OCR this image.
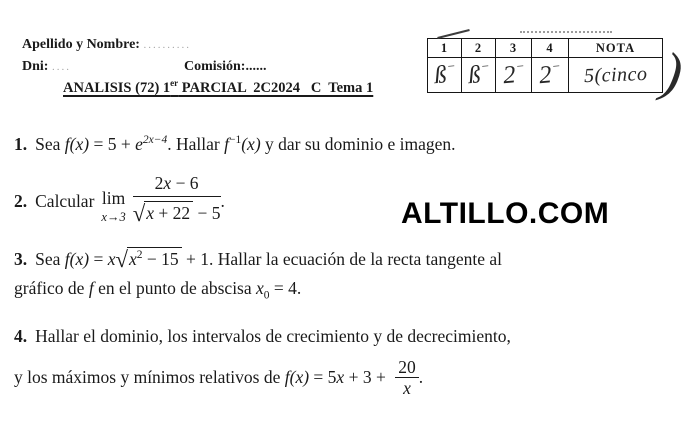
Apellido y Nombre: ..........
Dni: ....	Comisión:......
ANALISIS (72) 1er PARCIAL  2C2024   C  Tema 1
1	2	3	4	NOTA
ß−	ß−	2−	2−	5(cinco )
1. Sea $f(x) = 5 + e^{2x-4}$. Hallar $f^{-1}(x)$ y dar su dominio e imagen.
2. Calcular lim
$x\to 3 \frac{2x - 6}{√x + 22 - 5}$ .	ALTILLO.COM
3. Sea $f(x) = x√x^2 - 15 + 1$. Hallar la ecuación de la recta tangente al
gráfico de f en el punto de abscisa $x_0 = 4$.
4. Hallar el dominio, los intervalos de crecimiento y de decrecimiento,
y los máximos y mínimos relativos de $f(x) = 5x + 3 + \frac{20}{x}$ .
